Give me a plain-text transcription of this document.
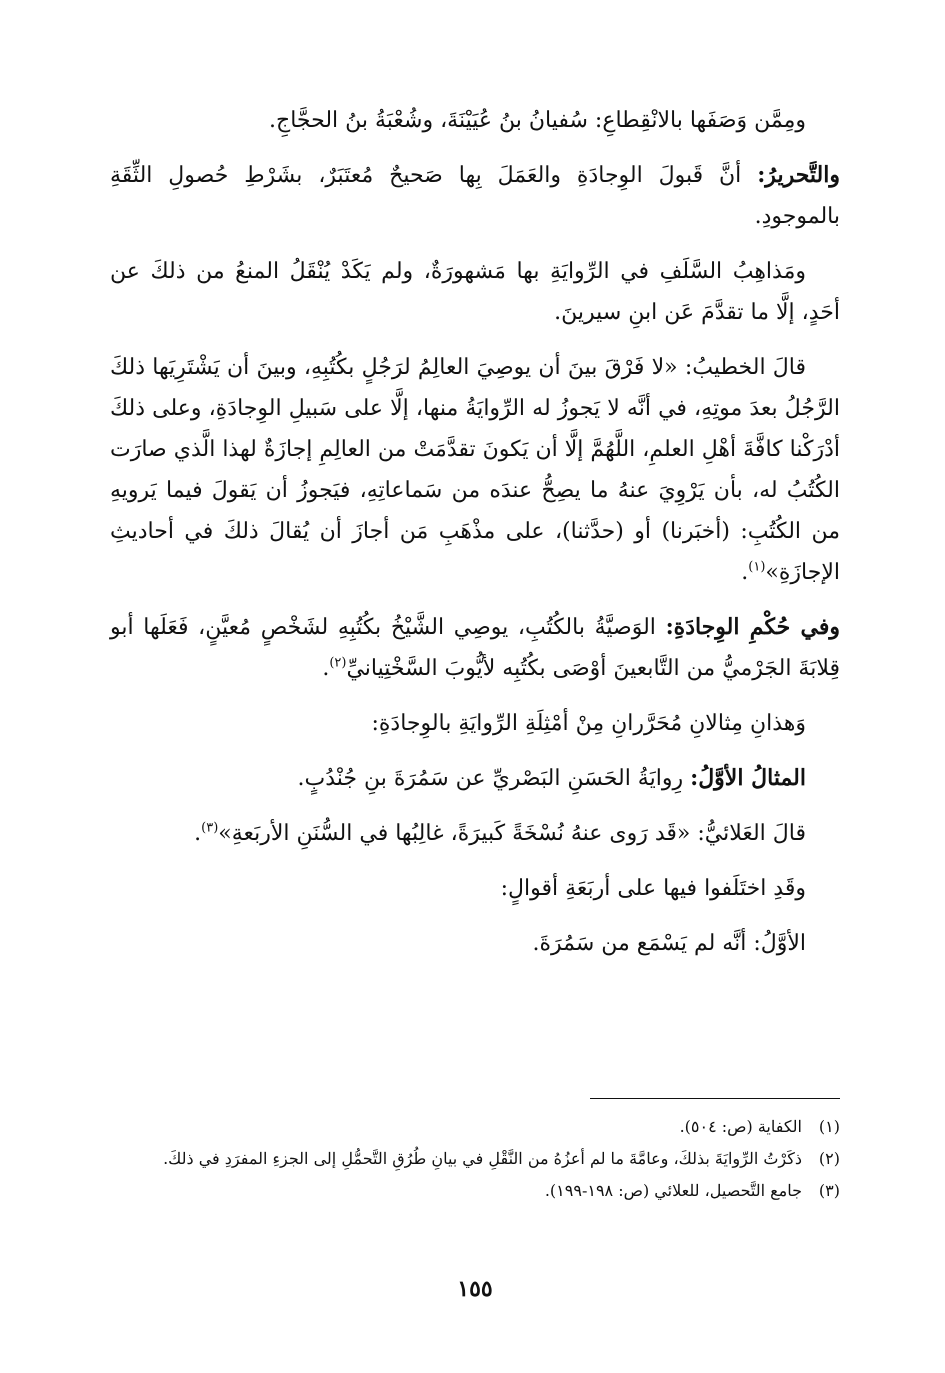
ومِمَّن وَصَفَها بالانْقِطاعِ: سُفيانُ بنُ عُيَيْنَةَ، وشُعْبَةُ بنُ الحجَّاجِ.

والتَّحريرُ: أنَّ قَبولَ الوِجادَةِ والعَمَلَ بِها صَحيحٌ مُعتَبَرٌ، بشَرْطِ حُصولِ الثِّقَةِ بالموجودِ.

ومَذاهِبُ السَّلَفِ في الرِّوايَةِ بها مَشهورَةٌ، ولم يَكَدْ يُنْقَلُ المنعُ من ذلكَ عن أحَدٍ، إلَّا ما تقدَّمَ عَن ابنِ سيرينَ.

قالَ الخطيبُ: «لا فَرْقَ بينَ أن يوصِيَ العالِمُ لرَجُلٍ بكُتُبِهِ، وبينَ أن يَشْتَرِيَها ذلكَ الرَّجُلُ بعدَ موتِهِ، في أنَّه لا يَجوزُ له الرِّوايَةُ منها، إلَّا على سَبيلِ الوِجادَةِ، وعلى ذلكَ أدْرَكْنا كافَّةَ أهْلِ العلمِ، اللَّهُمَّ إلَّا أن يَكونَ تقدَّمَتْ من العالِمِ إجازَةٌ لهذا الَّذي صارَت الكُتُبُ له، بأن يَرْوِيَ عنهُ ما يصِحُّ عندَه من سَماعاتِهِ، فيَجوزُ أن يَقولَ فيما يَرويهِ من الكُتُبِ: (أخبَرنا) أو (حدَّثنا)، على مذْهَبِ مَن أجازَ أن يُقالَ ذلكَ في أحاديثِ الإجازَةِ»$^{(١)}$.

وفي حُكْمِ الوِجادَةِ: الوَصيَّةُ بالكُتُبِ، يوصِي الشَّيْخُ بكُتُبِهِ لشَخْصٍ مُعيَّنٍ، فَعَلَها أبو قِلابَةَ الجَرْميُّ من التَّابعينَ أوْصَى بكُتُبِه لأيُّوبَ السَّخْتِيانيِّ$^{(٢)}$.

وَهذانِ مِثالانِ مُحَرَّرانِ مِنْ أمْثِلَةِ الرِّوايَةِ بالوِجادَةِ:

المثالُ الأوَّلُ: رِوايَةُ الحَسَنِ البَصْريِّ عن سَمُرَةَ بنِ جُنْدُبٍ.

قالَ العَلائيُّ: «قَد رَوى عنهُ نُسْخَةً كَبيرَةً، غالِبُها في السُّنَنِ الأربَعةِ»$^{(٣)}$.

وقَدِ اختَلَفوا فيها على أربَعَةِ أقوالٍ:

الأوَّلُ: أنَّه لم يَسْمَع من سَمُرَةَ.

(١)
الكفاية (ص: ٥٠٤).
(٢)
ذكَرْتُ الرِّوايَةَ بذلكَ، وعامَّةَ ما لم أعزُهُ من النَّقْلِ في بيانِ طُرُقِ التَّحمُّلِ إلى الجزءِ المفرَدِ في ذلكَ.
(٣)
جامع التَّحصيل، للعلائي (ص: ١٩٨-١٩٩).
١٥٥
